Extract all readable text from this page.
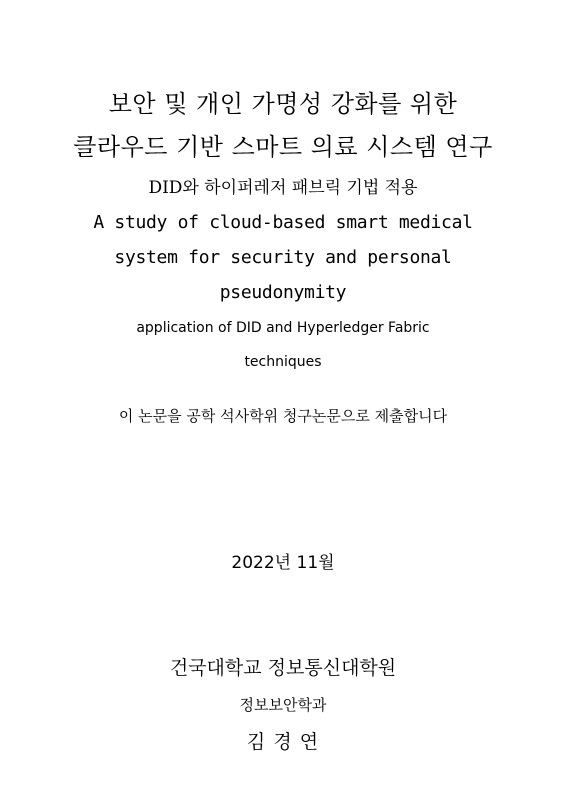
보안 및 개인 가명성 강화를 위한
클라우드 기반 스마트 의료 시스템 연구
DID와 하이퍼레저 패브릭 기법 적용
A study of cloud-based smart medical
system for security and personal
pseudonymity
application of DID and Hyperledger Fabric
techniques
이 논문을 공학 석사학위 청구논문으로 제출합니다
2022년 11월
건국대학교 정보통신대학원
정보보안학과
김 경 연
